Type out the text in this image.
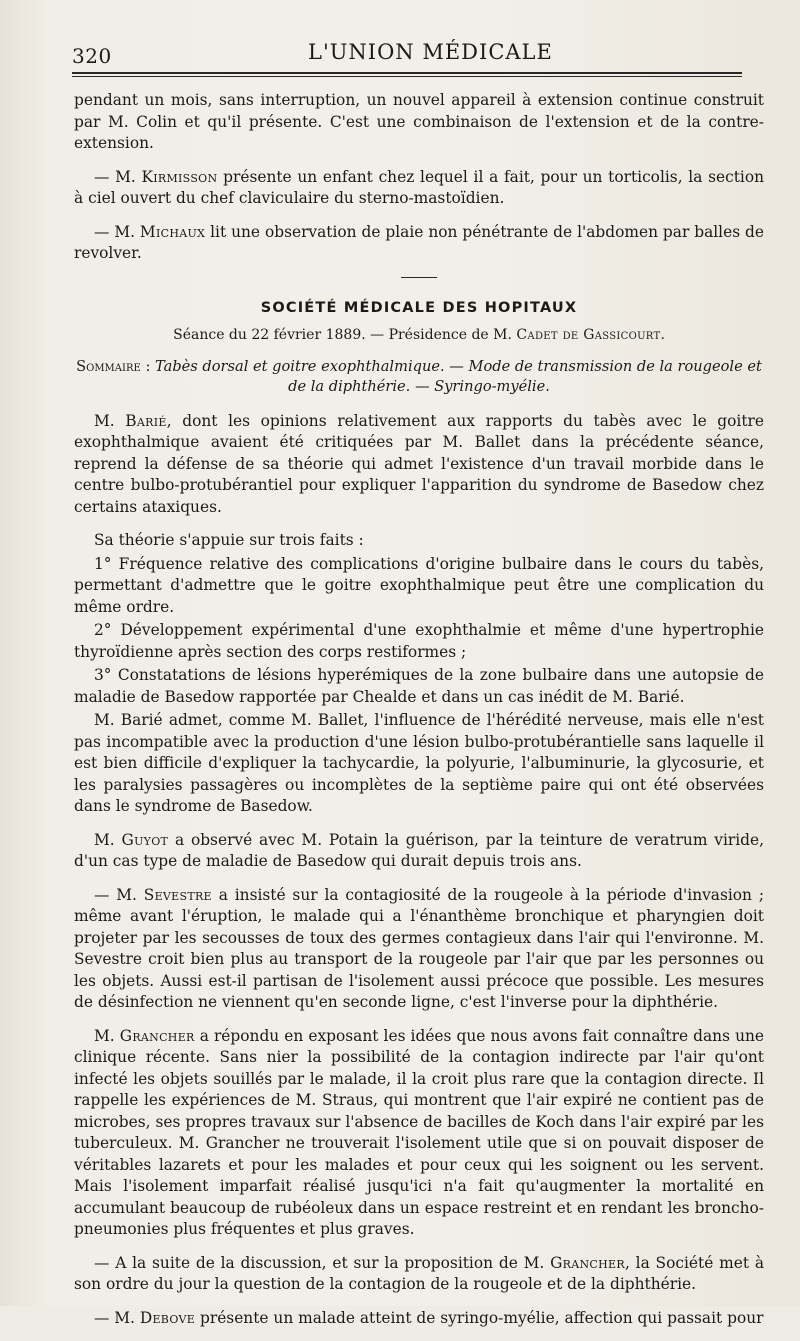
320	L'UNION MÉDICALE

pendant un mois, sans interruption, un nouvel appareil à extension continue construit par M. Colin et qu'il présente. C'est une combinaison de l'extension et de la contre-extension.

— M. Kirmisson présente un enfant chez lequel il a fait, pour un torticolis, la section à ciel ouvert du chef claviculaire du sterno-mastoïdien.

— M. Michaux lit une observation de plaie non pénétrante de l'abdomen par balles de revolver.

SOCIÉTÉ MÉDICALE DES HOPITAUX
Séance du 22 février 1889. — Présidence de M. Cadet de Gassicourt.
Sommaire : Tabès dorsal et goitre exophthalmique. — Mode de transmission de la rougeole et de la diphthérie. — Syringo-myélie.

M. Barié, dont les opinions relativement aux rapports du tabès avec le goitre exophthalmique avaient été critiquées par M. Ballet dans la précédente séance, reprend la défense de sa théorie qui admet l'existence d'un travail morbide dans le centre bulbo-protubérantiel pour expliquer l'apparition du syndrome de Basedow chez certains ataxiques.

Sa théorie s'appuie sur trois faits :

1° Fréquence relative des complications d'origine bulbaire dans le cours du tabès, permettant d'admettre que le goitre exophthalmique peut être une complication du même ordre.

2° Développement expérimental d'une exophthalmie et même d'une hypertrophie thyroïdienne après section des corps restiformes ;

3° Constatations de lésions hyperémiques de la zone bulbaire dans une autopsie de maladie de Basedow rapportée par Chealde et dans un cas inédit de M. Barié.

M. Barié admet, comme M. Ballet, l'influence de l'hérédité nerveuse, mais elle n'est pas incompatible avec la production d'une lésion bulbo-protubérantielle sans laquelle il est bien difficile d'expliquer la tachycardie, la polyurie, l'albuminurie, la glycosurie, et les paralysies passagères ou incomplètes de la septième paire qui ont été observées dans le syndrome de Basedow.

M. Guyot a observé avec M. Potain la guérison, par la teinture de veratrum viride, d'un cas type de maladie de Basedow qui durait depuis trois ans.

— M. Sevestre a insisté sur la contagiosité de la rougeole à la période d'invasion ; même avant l'éruption, le malade qui a l'énanthème bronchique et pharyngien doit projeter par les secousses de toux des germes contagieux dans l'air qui l'environne. M. Sevestre croit bien plus au transport de la rougeole par l'air que par les personnes ou les objets. Aussi est-il partisan de l'isolement aussi précoce que possible. Les mesures de désinfection ne viennent qu'en seconde ligne, c'est l'inverse pour la diphthérie.

M. Grancher a répondu en exposant les idées que nous avons fait connaître dans une clinique récente. Sans nier la possibilité de la contagion indirecte par l'air qu'ont infecté les objets souillés par le malade, il la croit plus rare que la contagion directe. Il rappelle les expériences de M. Straus, qui montrent que l'air expiré ne contient pas de microbes, ses propres travaux sur l'absence de bacilles de Koch dans l'air expiré par les tuberculeux. M. Grancher ne trouverait l'isolement utile que si on pouvait disposer de véritables lazarets et pour les malades et pour ceux qui les soignent ou les servent. Mais l'isolement imparfait réalisé jusqu'ici n'a fait qu'augmenter la mortalité en accumulant beaucoup de rubéoleux dans un espace restreint et en rendant les broncho-pneumonies plus fréquentes et plus graves.

— A la suite de la discussion, et sur la proposition de M. Grancher, la Société met à son ordre du jour la question de la contagion de la rougeole et de la diphthérie.

— M. Debove présente un malade atteint de syringo-myélie, affection qui passait pour
